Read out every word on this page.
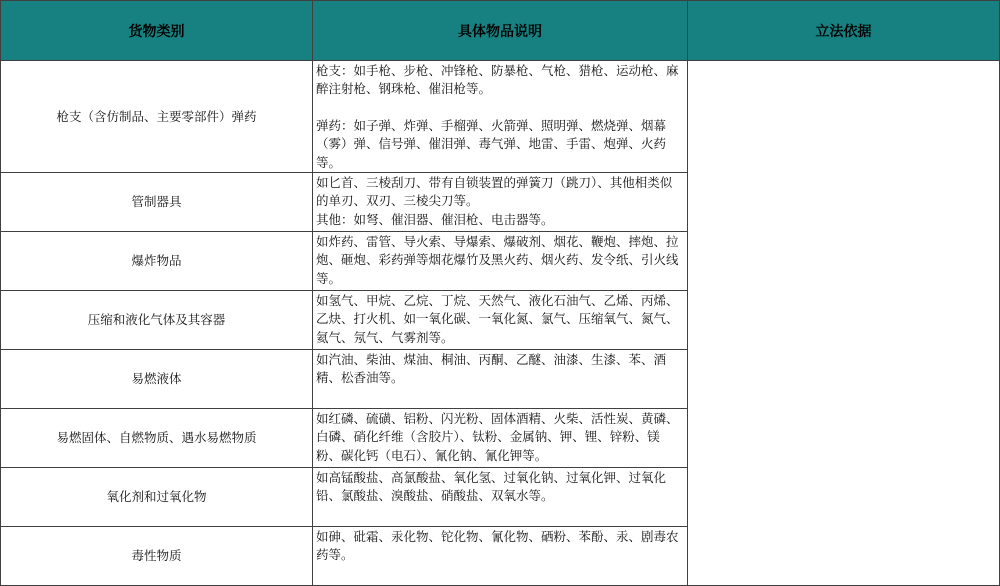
货物类别	具体物品说明	立法依据
枪支（含仿制品、主要零部件）弹药	枪支：如手枪、步枪、冲锋枪、防暴枪、气枪、猎枪、运动枪、麻醉注射枪、钢珠枪、催泪枪等。

弹药：如子弹、炸弹、手榴弹、火箭弹、照明弹、燃烧弹、烟幕（雾）弹、信号弹、催泪弹、毒气弹、地雷、手雷、炮弹、火药等。	

管制器具	如匕首、三棱刮刀、带有自锁装置的弹簧刀（跳刀）、其他相类似的单刃、双刃、三棱尖刀等。

其他：如弩、催泪器、催泪枪、电击器等。	

爆炸物品	如炸药、雷管、导火索、导爆索、爆破剂、烟花、鞭炮、摔炮、拉炮、砸炮、彩药弹等烟花爆竹及黑火药、烟火药、发令纸、引火线等。	

压缩和液化气体及其容器	如氢气、甲烷、乙烷、丁烷、天然气、液化石油气、乙烯、丙烯、乙炔、打火机、如一氧化碳、一氧化氮、氯气、压缩氧气、氮气、氦气、氖气、气雾剂等。	

易燃液体	如汽油、柴油、煤油、桐油、丙酮、乙醚、油漆、生漆、苯、酒精、松香油等。	

易燃固体、自燃物质、遇水易燃物质	如红磷、硫磺、铝粉、闪光粉、固体酒精、火柴、活性炭、黄磷、白磷、硝化纤维（含胶片）、钛粉、金属钠、钾、锂、锌粉、镁粉、碳化钙（电石）、氰化钠、氰化钾等。	

氧化剂和过氧化物	如高锰酸盐、高氯酸盐、氧化氢、过氧化钠、过氧化钾、过氧化铅、氯酸盐、溴酸盐、硝酸盐、双氧水等。	

毒性物质	如砷、砒霜、汞化物、铊化物、氰化物、硒粉、苯酚、汞、剧毒农药等。	
